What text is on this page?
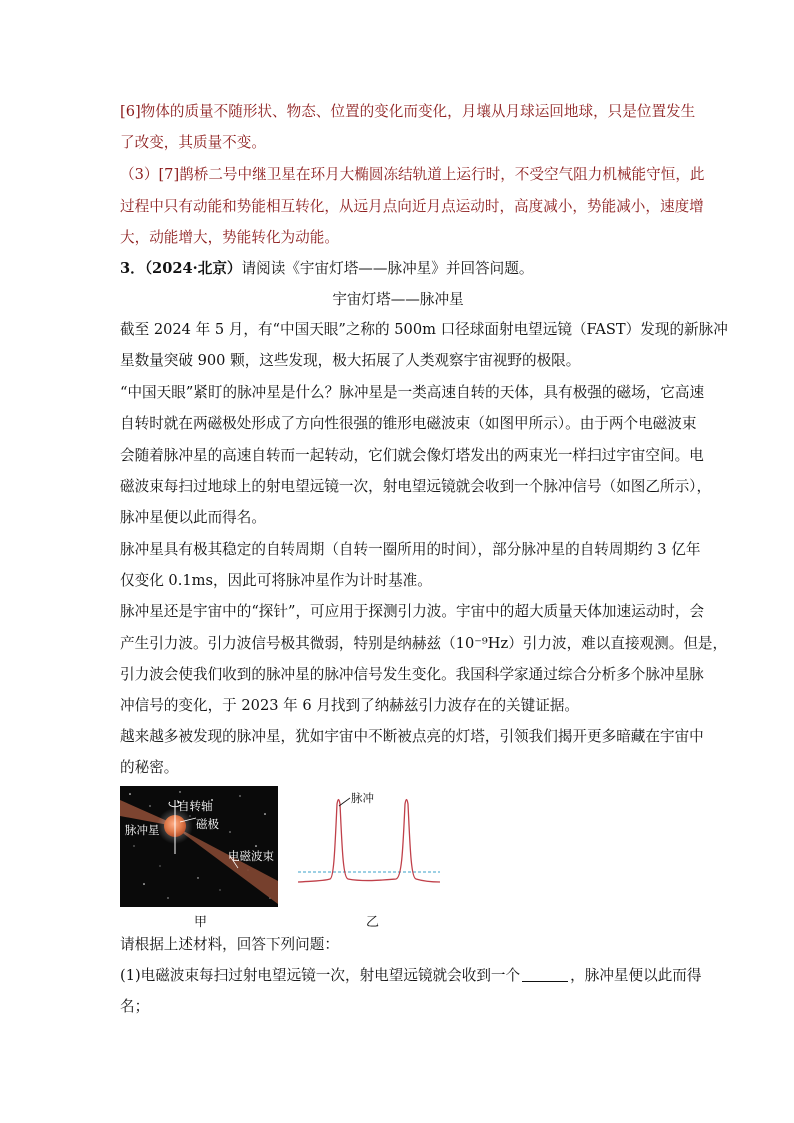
[6]物体的质量不随形状、物态、位置的变化而变化，月壤从月球运回地球，只是位置发生
了改变，其质量不变。
（3）[7]鹊桥二号中继卫星在环月大椭圆冻结轨道上运行时，不受空气阻力机械能守恒，此
过程中只有动能和势能相互转化，从远月点向近月点运动时，高度减小，势能减小，速度增
大，动能增大，势能转化为动能。
3．（2024·北京）请阅读《宇宙灯塔——脉冲星》并回答问题。
宇宙灯塔——脉冲星
截至 2024 年 5 月，有“中国天眼”之称的 500m 口径球面射电望远镜（FAST）发现的新脉冲
星数量突破 900 颗，这些发现，极大拓展了人类观察宇宙视野的极限。
“中国天眼”紧盯的脉冲星是什么？脉冲星是一类高速自转的天体，具有极强的磁场，它高速
自转时就在两磁极处形成了方向性很强的锥形电磁波束（如图甲所示）。由于两个电磁波束
会随着脉冲星的高速自转而一起转动，它们就会像灯塔发出的两束光一样扫过宇宙空间。电
磁波束每扫过地球上的射电望远镜一次，射电望远镜就会收到一个脉冲信号（如图乙所示），
脉冲星便以此而得名。
脉冲星具有极其稳定的自转周期（自转一圈所用的时间），部分脉冲星的自转周期约 3 亿年
仅变化 0.1ms，因此可将脉冲星作为计时基准。
脉冲星还是宇宙中的“探针”，可应用于探测引力波。宇宙中的超大质量天体加速运动时，会
产生引力波。引力波信号极其微弱，特别是纳赫兹（10⁻⁹Hz）引力波，难以直接观测。但是，
引力波会使我们收到的脉冲星的脉冲信号发生变化。我国科学家通过综合分析多个脉冲星脉
冲信号的变化，于 2023 年 6 月找到了纳赫兹引力波存在的关键证据。
越来越多被发现的脉冲星，犹如宇宙中不断被点亮的灯塔，引领我们揭开更多暗藏在宇宙中
的秘密。
自转轴
磁极
脉冲星
电磁波束
甲
脉冲
乙
请根据上述材料，回答下列问题：
(1)电磁波束每扫过射电望远镜一次，射电望远镜就会收到一个	，脉冲星便以此而得
名；
